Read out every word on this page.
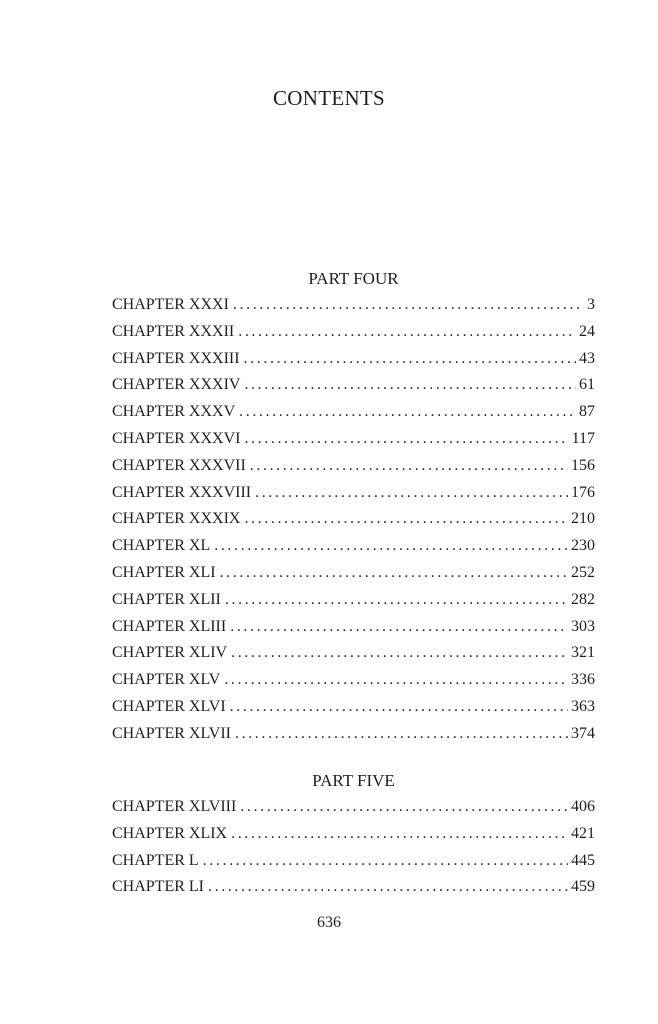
CONTENTS
PART FOUR
CHAPTER XXXI .....	3
CHAPTER XXXII .....	24
CHAPTER XXXIII .....	43
CHAPTER XXXIV .....	61
CHAPTER XXXV .....	87
CHAPTER XXXVI .....	117
CHAPTER XXXVII .....	156
CHAPTER XXXVIII .....	176
CHAPTER XXXIX .....	210
CHAPTER XL .....	230
CHAPTER XLI .....	252
CHAPTER XLII .....	282
CHAPTER XLIII .....	303
CHAPTER XLIV .....	321
CHAPTER XLV .....	336
CHAPTER XLVI .....	363
CHAPTER XLVII .....	374
PART FIVE
CHAPTER XLVIII .....	406
CHAPTER XLIX .....	421
CHAPTER L .....	445
CHAPTER LI .....	459
636
